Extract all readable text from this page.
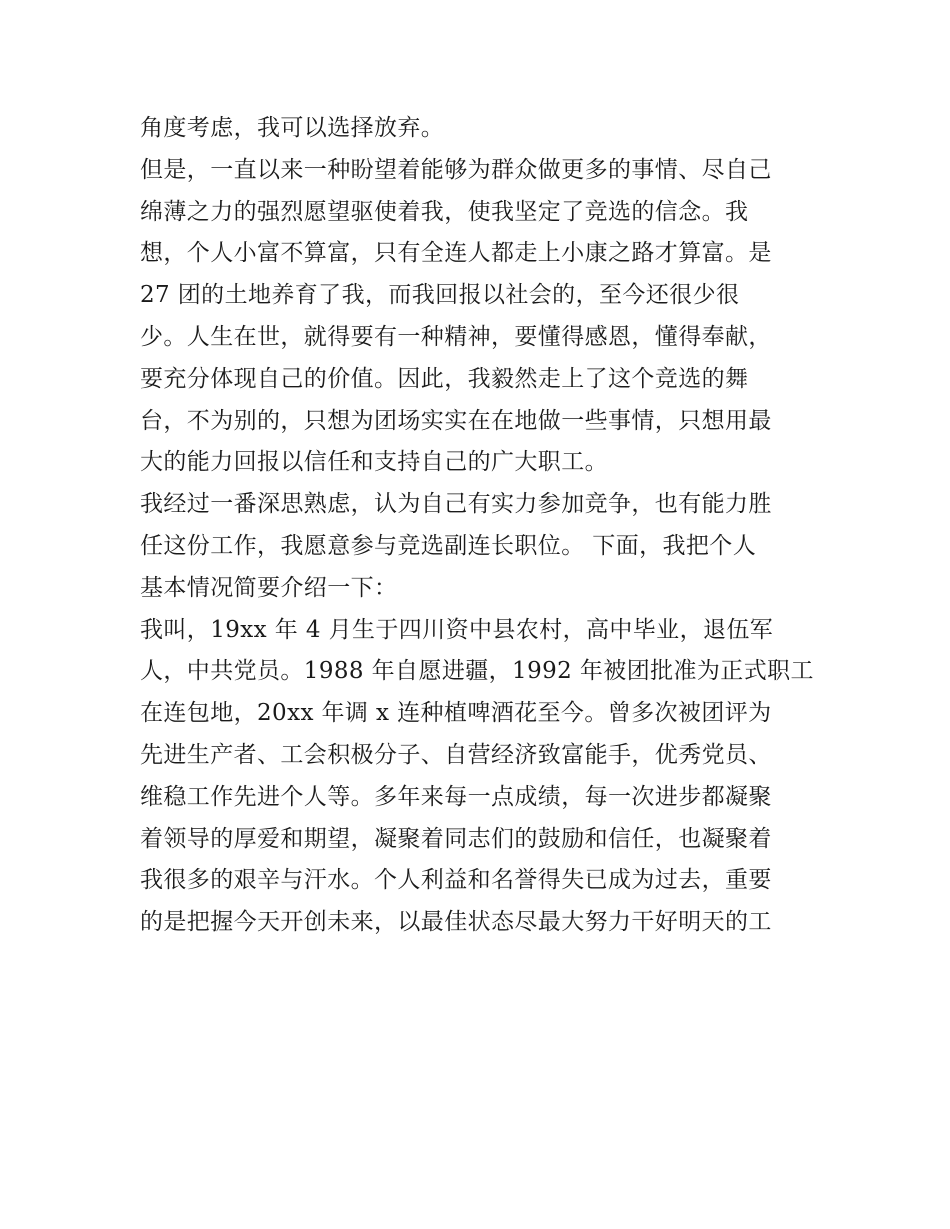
角度考虑，我可以选择放弃。
但是，一直以来一种盼望着能够为群众做更多的事情、尽自己
绵薄之力的强烈愿望驱使着我，使我坚定了竞选的信念。我
想，个人小富不算富，只有全连人都走上小康之路才算富。是
27 团的土地养育了我，而我回报以社会的，至今还很少很
少。人生在世，就得要有一种精神，要懂得感恩，懂得奉献，
要充分体现自己的价值。因此，我毅然走上了这个竞选的舞
台，不为别的，只想为团场实实在在地做一些事情，只想用最
大的能力回报以信任和支持自己的广大职工。
我经过一番深思熟虑，认为自己有实力参加竞争，也有能力胜
任这份工作，我愿意参与竞选副连长职位。 下面，我把个人
基本情况简要介绍一下：
我叫，19xx 年 4 月生于四川资中县农村，高中毕业，退伍军
人，中共党员。1988 年自愿进疆，1992 年被团批准为正式职工
在连包地，20xx 年调 x 连种植啤酒花至今。曾多次被团评为
先进生产者、工会积极分子、自营经济致富能手，优秀党员、
维稳工作先进个人等。多年来每一点成绩，每一次进步都凝聚
着领导的厚爱和期望，凝聚着同志们的鼓励和信任，也凝聚着
我很多的艰辛与汗水。个人利益和名誉得失已成为过去，重要
的是把握今天开创未来，以最佳状态尽最大努力干好明天的工
